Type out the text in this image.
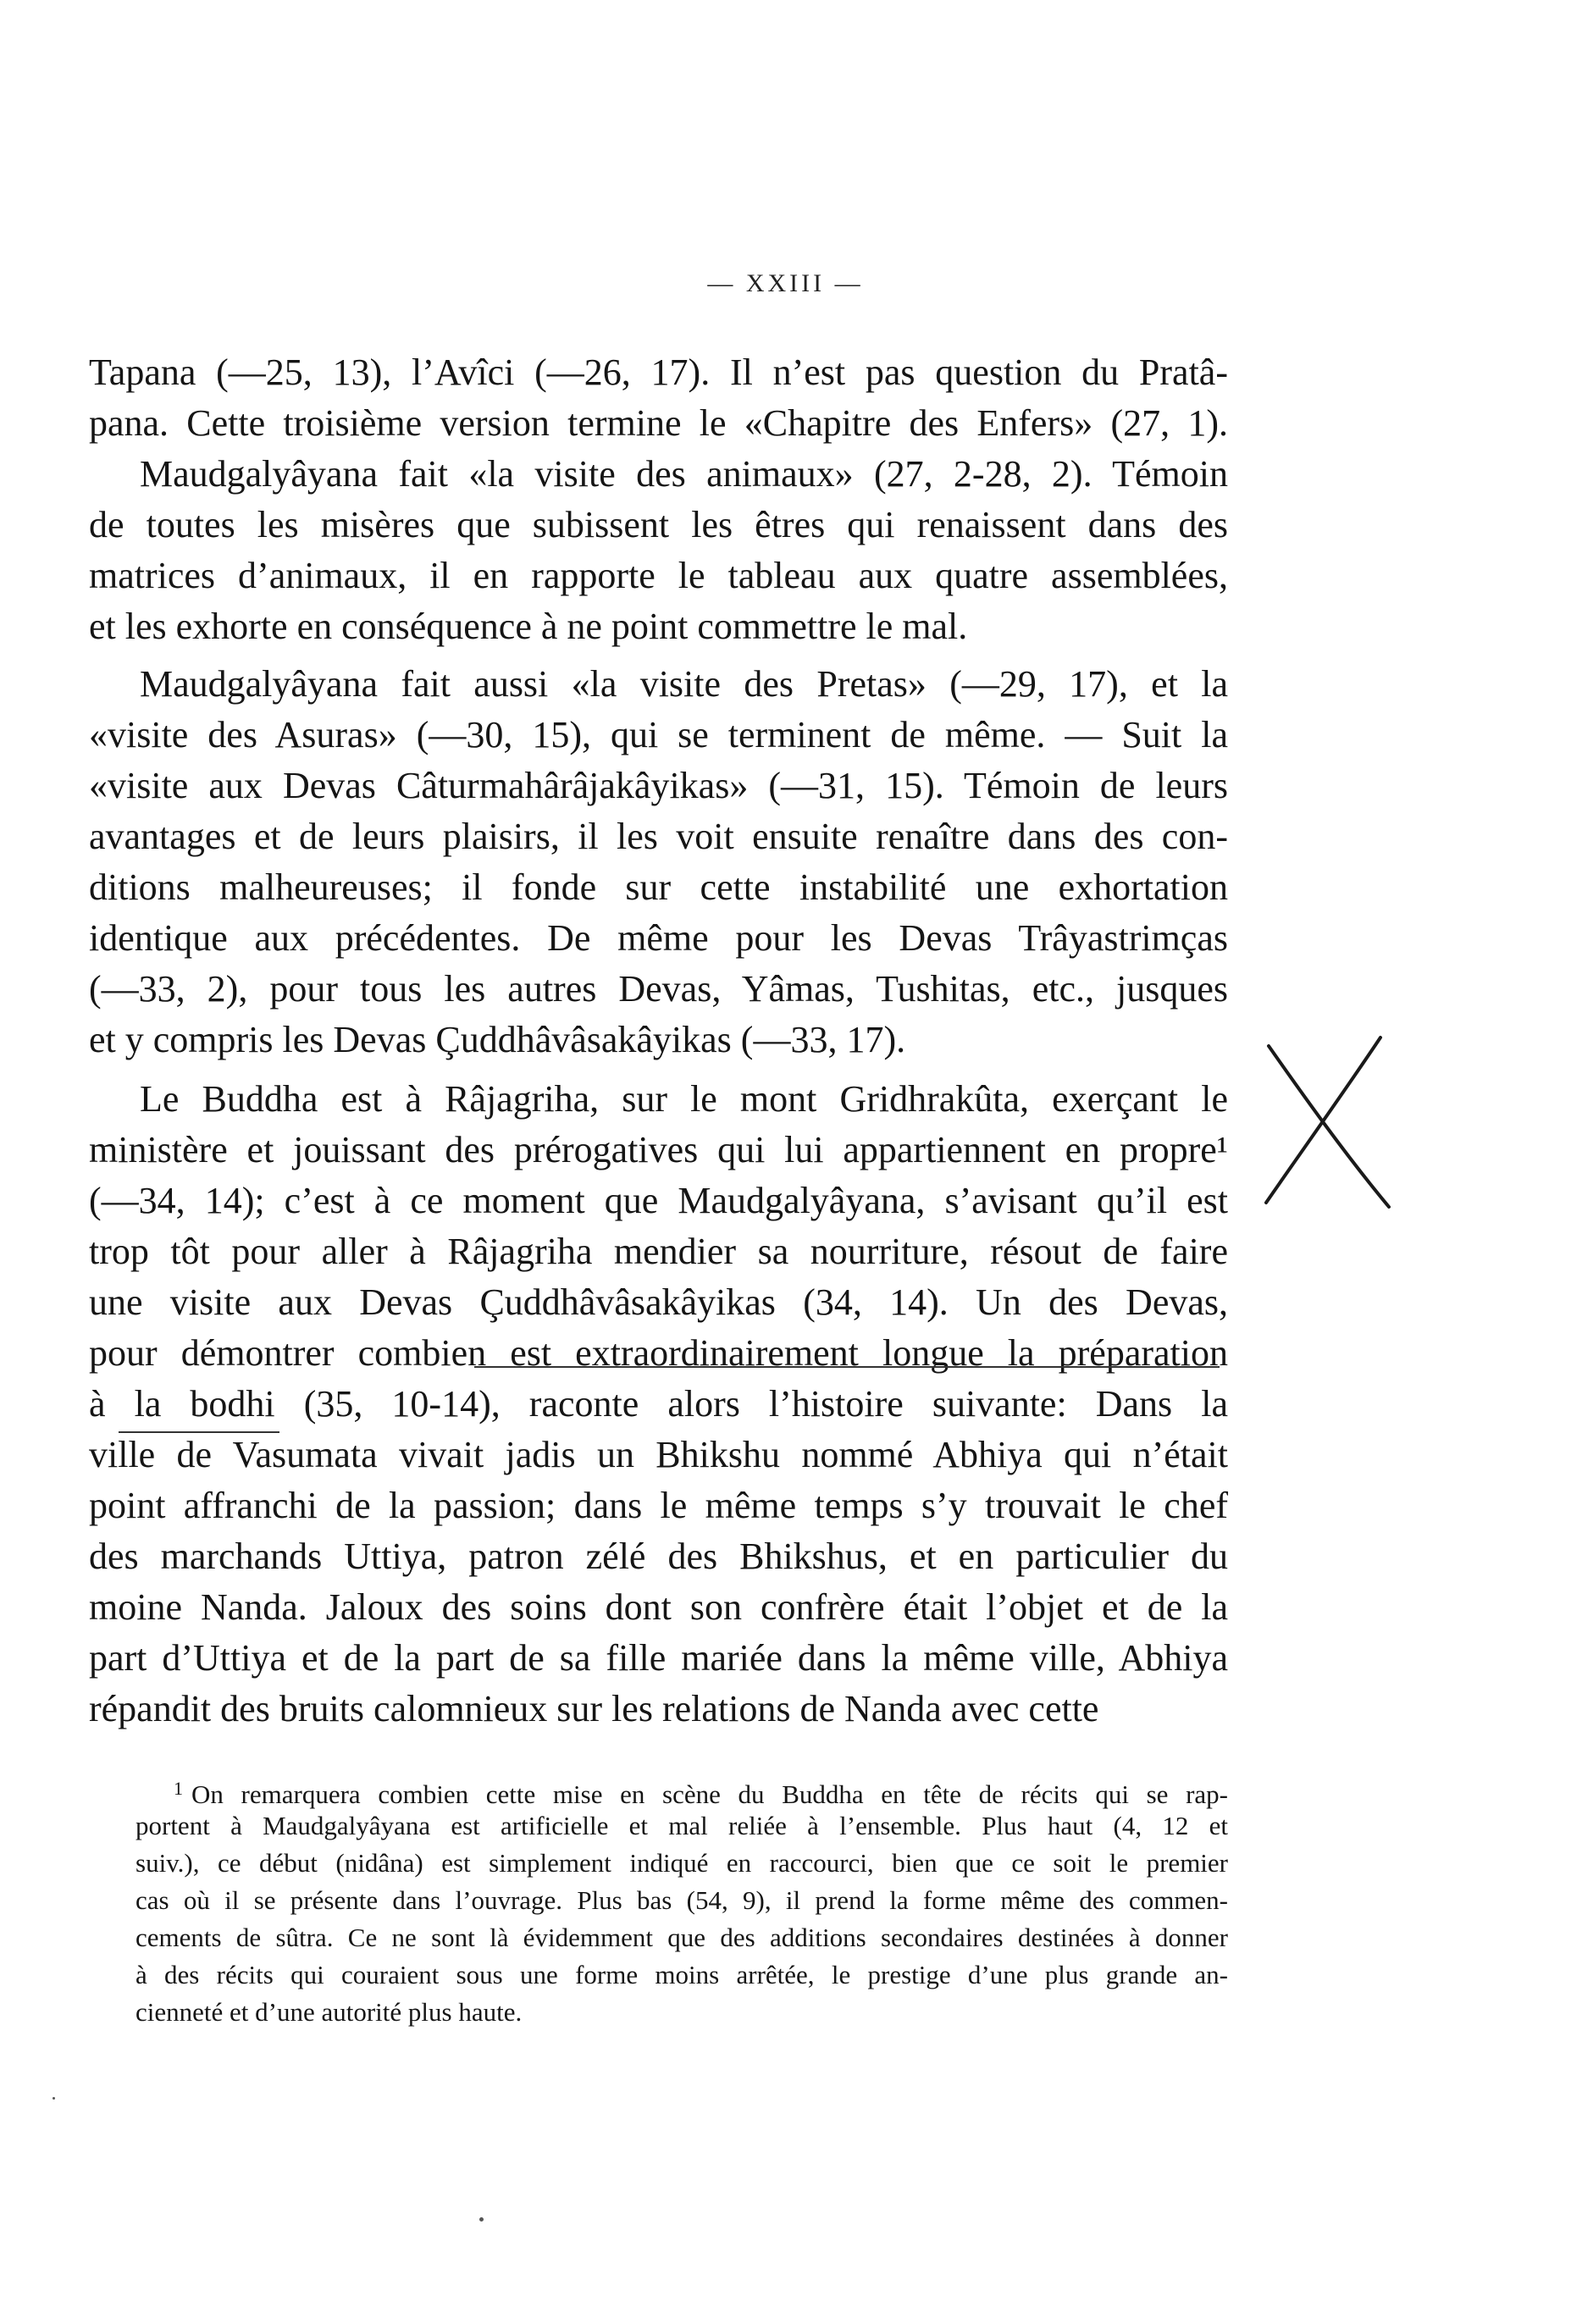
— XXIII —
Tapana (—25, 13), l’Avîci (—26, 17). Il n’est pas question du Pratâ-
pana. Cette troisième version termine le «Chapitre des Enfers» (27, 1).
Maudgalyâyana fait «la visite des animaux» (27, 2-28, 2). Témoin
de toutes les misères que subissent les êtres qui renaissent dans des
matrices d’animaux, il en rapporte le tableau aux quatre assemblées,
et les exhorte en conséquence à ne point commettre le mal.
Maudgalyâyana fait aussi «la visite des Pretas» (—29, 17), et la
«visite des Asuras» (—30, 15), qui se terminent de même. — Suit la
«visite aux Devas Câturmahârâjakâyikas» (—31, 15). Témoin de leurs
avantages et de leurs plaisirs, il les voit ensuite renaître dans des con-
ditions malheureuses; il fonde sur cette instabilité une exhortation
identique aux précédentes. De même pour les Devas Trâyastrimças
(—33, 2), pour tous les autres Devas, Yâmas, Tushitas, etc., jusques
et y compris les Devas Çuddhâvâsakâyikas (—33, 17).
Le Buddha est à Râjagriha, sur le mont Gridhrakûta, exerçant le
ministère et jouissant des prérogatives qui lui appartiennent en propre¹
(—34, 14); c’est à ce moment que Maudgalyâyana, s’avisant qu’il est
trop tôt pour aller à Râjagriha mendier sa nourriture, résout de faire
une visite aux Devas Çuddhâvâsakâyikas (34, 14). Un des Devas,
pour démontrer combien est extraordinairement longue la préparation
à la bodhi (35, 10-14), raconte alors l’histoire suivante: Dans la
ville de Vasumata vivait jadis un Bhikshu nommé Abhiya qui n’était
point affranchi de la passion; dans le même temps s’y trouvait le chef
des marchands Uttiya, patron zélé des Bhikshus, et en particulier du
moine Nanda. Jaloux des soins dont son confrère était l’objet et de la
part d’Uttiya et de la part de sa fille mariée dans la même ville, Abhiya
répandit des bruits calomnieux sur les relations de Nanda avec cette
$^1$ On remarquera combien cette mise en scène du Buddha en tête de récits qui se rap-
portent à Maudgalyâyana est artificielle et mal reliée à l’ensemble. Plus haut (4, 12 et
suiv.), ce début (nidâna) est simplement indiqué en raccourci, bien que ce soit le premier
cas où il se présente dans l’ouvrage. Plus bas (54, 9), il prend la forme même des commen-
cements de sûtra. Ce ne sont là évidemment que des additions secondaires destinées à donner
à des récits qui couraient sous une forme moins arrêtée, le prestige d’une plus grande an-
cienneté et d’une autorité plus haute.
